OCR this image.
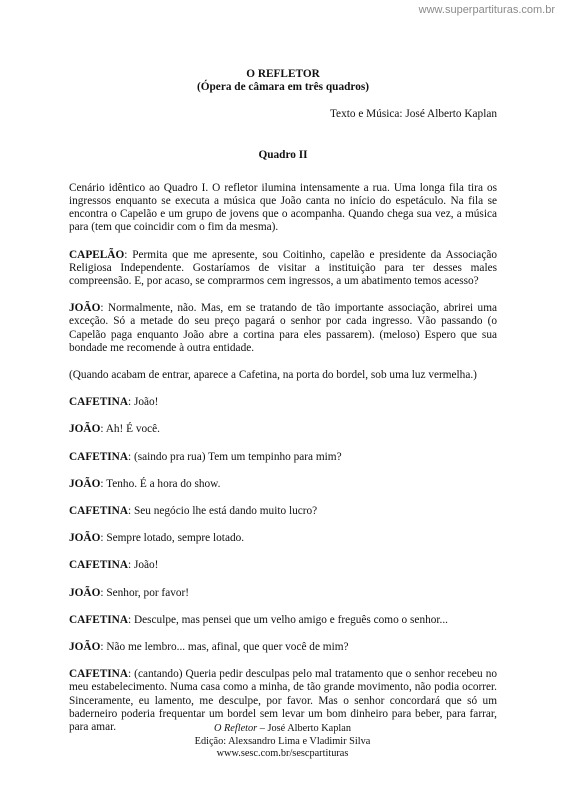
www.superpartituras.com.br
O REFLETOR
(Ópera de câmara em três quadros)
Texto e Música: José Alberto Kaplan
Quadro II
Cenário idêntico ao Quadro I. O refletor ilumina intensamente a rua. Uma longa fila tira os ingressos enquanto se executa a música que João canta no início do espetáculo. Na fila se encontra o Capelão e um grupo de jovens que o acompanha. Quando chega sua vez, a música para (tem que coincidir com o fim da mesma).
CAPELÃO: Permita que me apresente, sou Coitinho, capelão e presidente da Associação Religiosa Independente. Gostaríamos de visitar a instituição para ter desses males compreensão. E, por acaso, se comprarmos cem ingressos, a um abatimento temos acesso?
JOÃO: Normalmente, não. Mas, em se tratando de tão importante associação, abrirei uma exceção. Só a metade do seu preço pagará o senhor por cada ingresso. Vão passando (o Capelão paga enquanto João abre a cortina para eles passarem). (meloso) Espero que sua bondade me recomende à outra entidade.
(Quando acabam de entrar, aparece a Cafetina, na porta do bordel, sob uma luz vermelha.)
CAFETINA: João!
JOÃO: Ah! É você.
CAFETINA: (saindo pra rua) Tem um tempinho para mim?
JOÃO: Tenho. É a hora do show.
CAFETINA: Seu negócio lhe está dando muito lucro?
JOÃO: Sempre lotado, sempre lotado.
CAFETINA: João!
JOÃO: Senhor, por favor!
CAFETINA: Desculpe, mas pensei que um velho amigo e freguês como o senhor...
JOÃO: Não me lembro... mas, afinal, que quer você de mim?
CAFETINA: (cantando) Queria pedir desculpas pelo mal tratamento que o senhor recebeu no meu estabelecimento. Numa casa como a minha, de tão grande movimento, não podia ocorrer. Sinceramente, eu lamento, me desculpe, por favor. Mas o senhor concordará que só um baderneiro poderia frequentar um bordel sem levar um bom dinheiro para beber, para farrar, para amar.	O Refletor – José Alberto Kaplan
Edição: Alexsandro Lima e Vladimir Silva
www.sesc.com.br/sescpartituras
